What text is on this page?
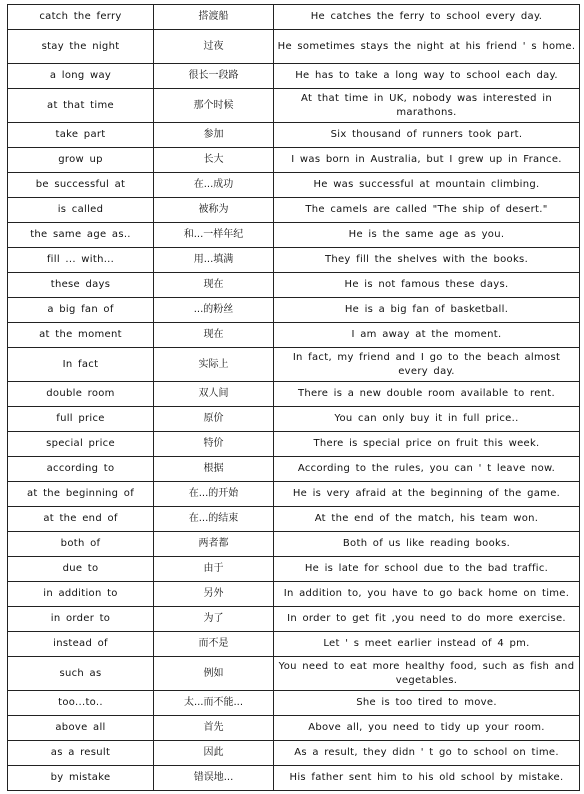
catch the ferry	搭渡船	He catches the ferry to school every day.
stay the night	过夜	He sometimes stays the night at his friend ' s home.
a long way	很长一段路	He has to take a long way to school each day.
at that time	那个时候	At that time in UK, nobody was interested in marathons.
take part	参加	Six thousand of runners took part.
grow up	长大	I was born in Australia, but I grew up in France.
be successful at	在...成功	He was successful at mountain climbing.
is called	被称为	The camels are called "The ship of desert."
the same age as..	和...一样年纪	He is the same age as you.
fill ... with...	用...填满	They fill the shelves with the books.
these days	现在	He is not famous these days.
a big fan of	...的粉丝	He is a big fan of basketball.
at the moment	现在	I am away at the moment.
In fact	实际上	In fact, my friend and I go to the beach almost every day.
double room	双人间	There is a new double room available to rent.
full price	原价	You can only buy it in full price..
special price	特价	There is special price on fruit this week.
according to	根据	According to the rules, you can ' t leave now.
at the beginning of	在...的开始	He is very afraid at the beginning of the game.
at the end of	在...的结束	At the end of the match, his team won.
both of	两者都	Both of us like reading books.
due to	由于	He is late for school due to the bad traffic.
in addition to	另外	In addition to, you have to go back home on time.
in order to	为了	In order to get fit ,you need to do more exercise.
instead of	而不是	Let ' s meet earlier instead of 4 pm.
such as	例如	You need to eat more healthy food, such as fish and vegetables.
too...to..	太...而不能...	She is too tired to move.
above all	首先	Above all, you need to tidy up your room.
as a result	因此	As a result, they didn ' t go to school on time.
by mistake	错误地...	His father sent him to his old school by mistake.
